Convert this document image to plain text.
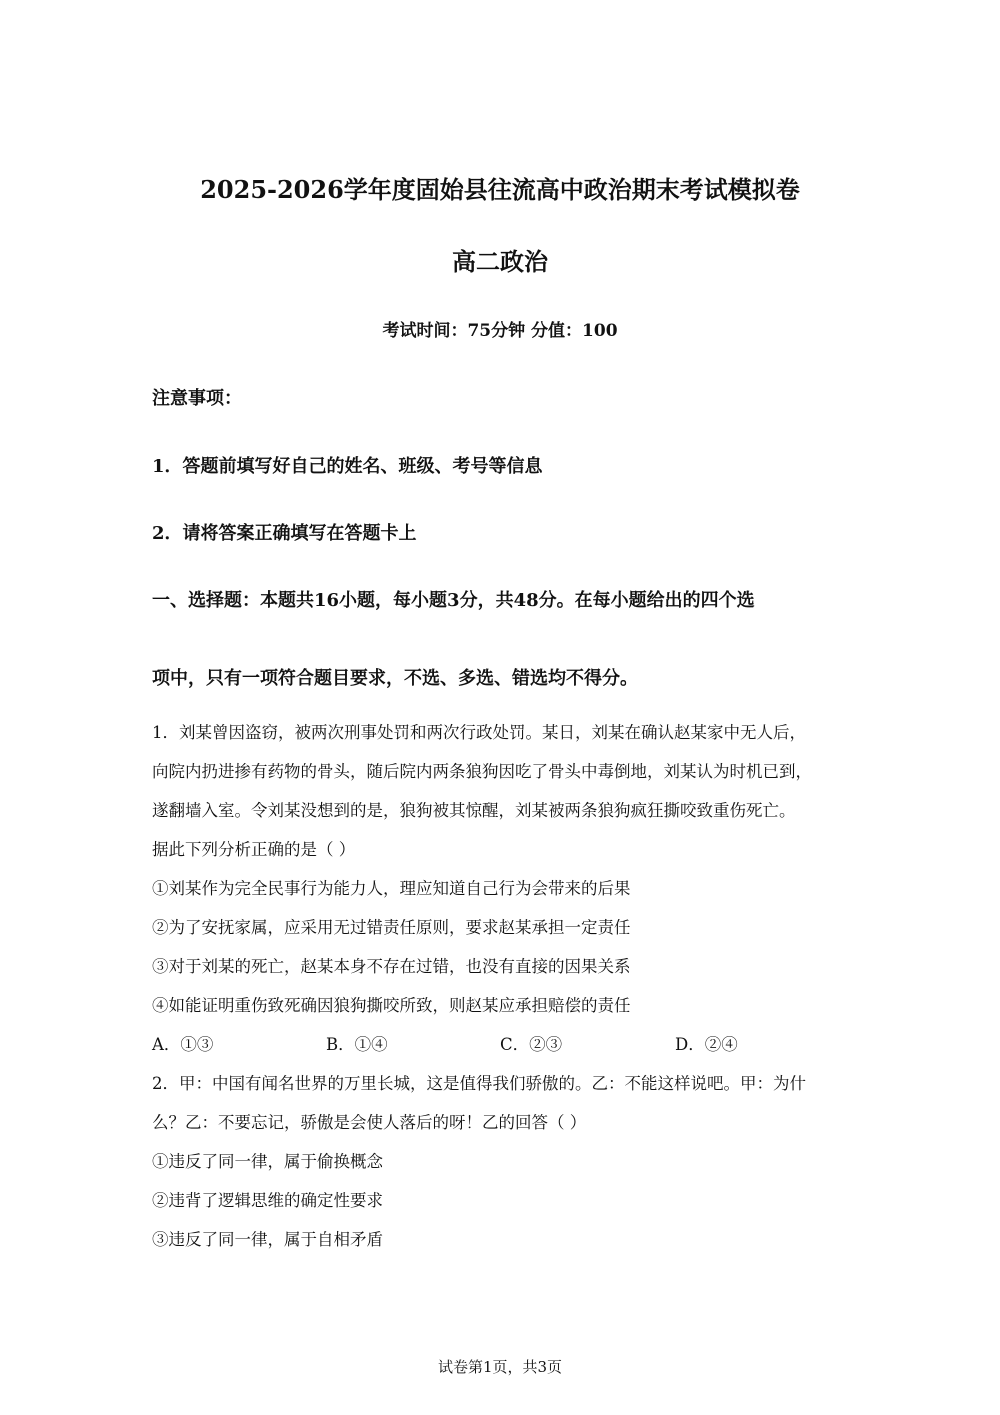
2025-2026学年度固始县往流高中政治期末考试模拟卷
高二政治
考试时间：75分钟 分值：100
注意事项：
1．答题前填写好自己的姓名、班级、考号等信息
2．请将答案正确填写在答题卡上
一、选择题：本题共16小题，每小题3分，共48分。在每小题给出的四个选
项中，只有一项符合题目要求，不选、多选、错选均不得分。
1．刘某曾因盗窃，被两次刑事处罚和两次行政处罚。某日，刘某在确认赵某家中无人后，
向院内扔进掺有药物的骨头，随后院内两条狼狗因吃了骨头中毒倒地，刘某认为时机已到，
遂翻墙入室。令刘某没想到的是，狼狗被其惊醒，刘某被两条狼狗疯狂撕咬致重伤死亡。
据此下列分析正确的是（ ）
①刘某作为完全民事行为能力人，理应知道自己行为会带来的后果
②为了安抚家属，应采用无过错责任原则，要求赵某承担一定责任
③对于刘某的死亡，赵某本身不存在过错，也没有直接的因果关系
④如能证明重伤致死确因狼狗撕咬所致，则赵某应承担赔偿的责任
A．①③	B．①④	C．②③	D．②④
2．甲：中国有闻名世界的万里长城，这是值得我们骄傲的。乙：不能这样说吧。甲：为什
么？乙：不要忘记，骄傲是会使人落后的呀！乙的回答（ ）
①违反了同一律，属于偷换概念
②违背了逻辑思维的确定性要求
③违反了同一律，属于自相矛盾
试卷第1页，共3页
